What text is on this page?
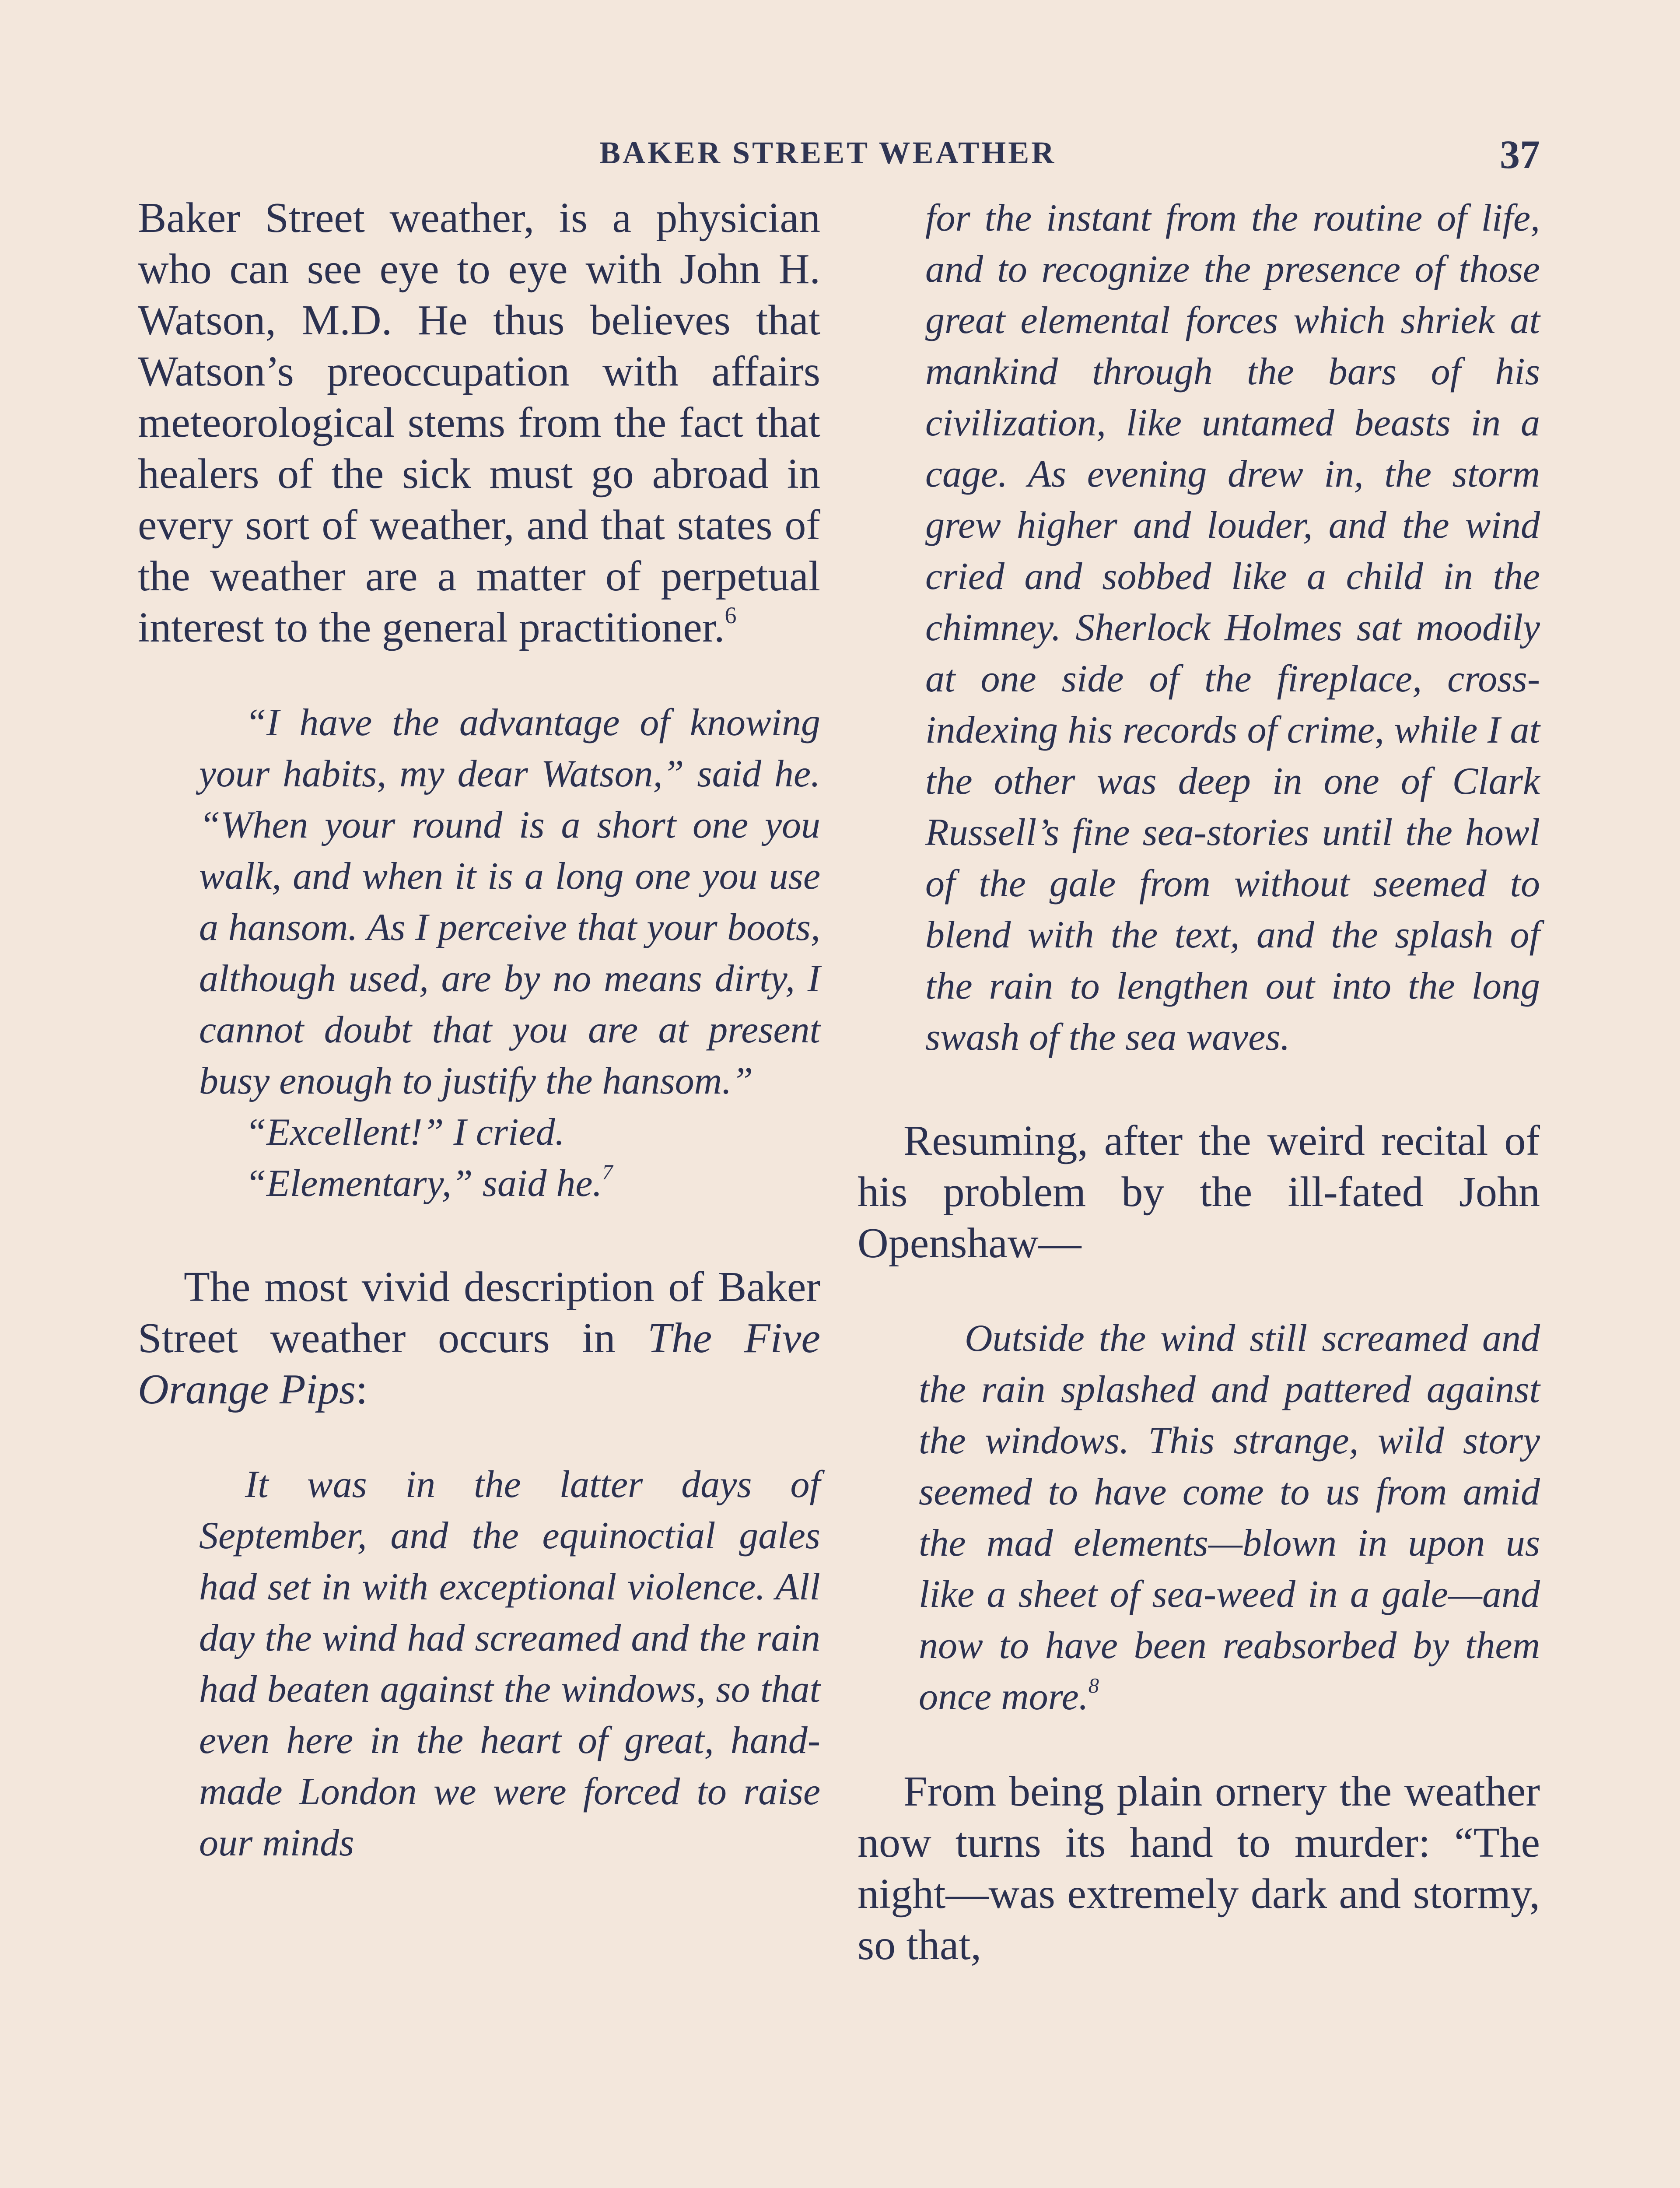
BAKER STREET WEATHER	37

Baker Street weather, is a physician who can see eye to eye with John H. Watson, M.D. He thus believes that Watson’s preoccupation with affairs meteorological stems from the fact that healers of the sick must go abroad in every sort of weather, and that states of the weather are a matter of perpetual interest to the general practitioner.$^6$

“I have the advantage of knowing your habits, my dear Watson,” said he. “When your round is a short one you walk, and when it is a long one you use a hansom. As I perceive that your boots, although used, are by no means dirty, I cannot doubt that you are at present busy enough to justify the hansom.”

“Excellent!” I cried.

“Elementary,” said he.$^7$

The most vivid description of Baker Street weather occurs in The Five Orange Pips:

It was in the latter days of September, and the equinoctial gales had set in with exceptional violence. All day the wind had screamed and the rain had beaten against the windows, so that even here in the heart of great, hand-made London we were forced to raise our minds

for the instant from the routine of life, and to recognize the presence of those great elemental forces which shriek at mankind through the bars of his civilization, like untamed beasts in a cage. As evening drew in, the storm grew higher and louder, and the wind cried and sobbed like a child in the chimney. Sherlock Holmes sat moodily at one side of the fireplace, cross-indexing his records of crime, while I at the other was deep in one of Clark Russell’s fine sea-stories until the howl of the gale from without seemed to blend with the text, and the splash of the rain to lengthen out into the long swash of the sea waves.

Resuming, after the weird recital of his problem by the ill-fated John Openshaw—

Outside the wind still screamed and the rain splashed and pattered against the windows. This strange, wild story seemed to have come to us from amid the mad elements—blown in upon us like a sheet of sea-weed in a gale—and now to have been reabsorbed by them once more.$^8$

From being plain ornery the weather now turns its hand to murder: “The night—was extremely dark and stormy, so that,
